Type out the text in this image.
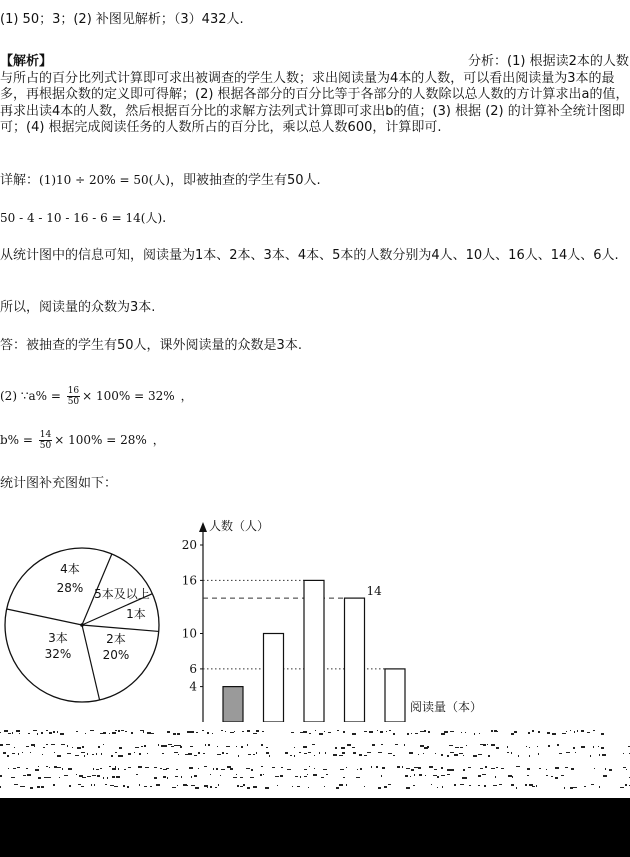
(1) 50；3；(2) 补图见解析；（3）432人.
【解析】	分析：(1) 根据读2本的人数与所占的百分比列式计算即可求出被调查的学生人数；求出阅读量为4本的人数，可以看出阅读量为3本的最多，再根据众数的定义即可得解；(2) 根据各部分的百分比等于各部分的人数除以总人数的方计算求出a的值，再求出读4本的人数，然后根据百分比的求解方法列式计算即可求出b的值；(3) 根据 (2) 的计算补全统计图即可；(4) 根据完成阅读任务的人数所占的百分比，乘以总人数600，计算即可.
详解：(1)10 ÷ 20% = 50(人)，即被抽查的学生有50人.
50 - 4 - 10 - 16 - 6 = 14(人).
从统计图中的信息可知，阅读量为1本、2本、3本、4本、5本的人数分别为4人、10人、16人、14人、6人.
所以，阅读量的众数为3本.
答：被抽查的学生有50人，课外阅读量的众数是3本.
(2) ∵a% = $\frac{16}{50} \times 100\% = 32\%$ ，
$b\% = \frac{14}{50} \times 100\% = 28\%$ ，
统计图补充图如下：
4本
28% 5本及以上
1本
2本
20%
3本
32%
人数（人）
4
6
10
16
20
14
阅读量（本）
